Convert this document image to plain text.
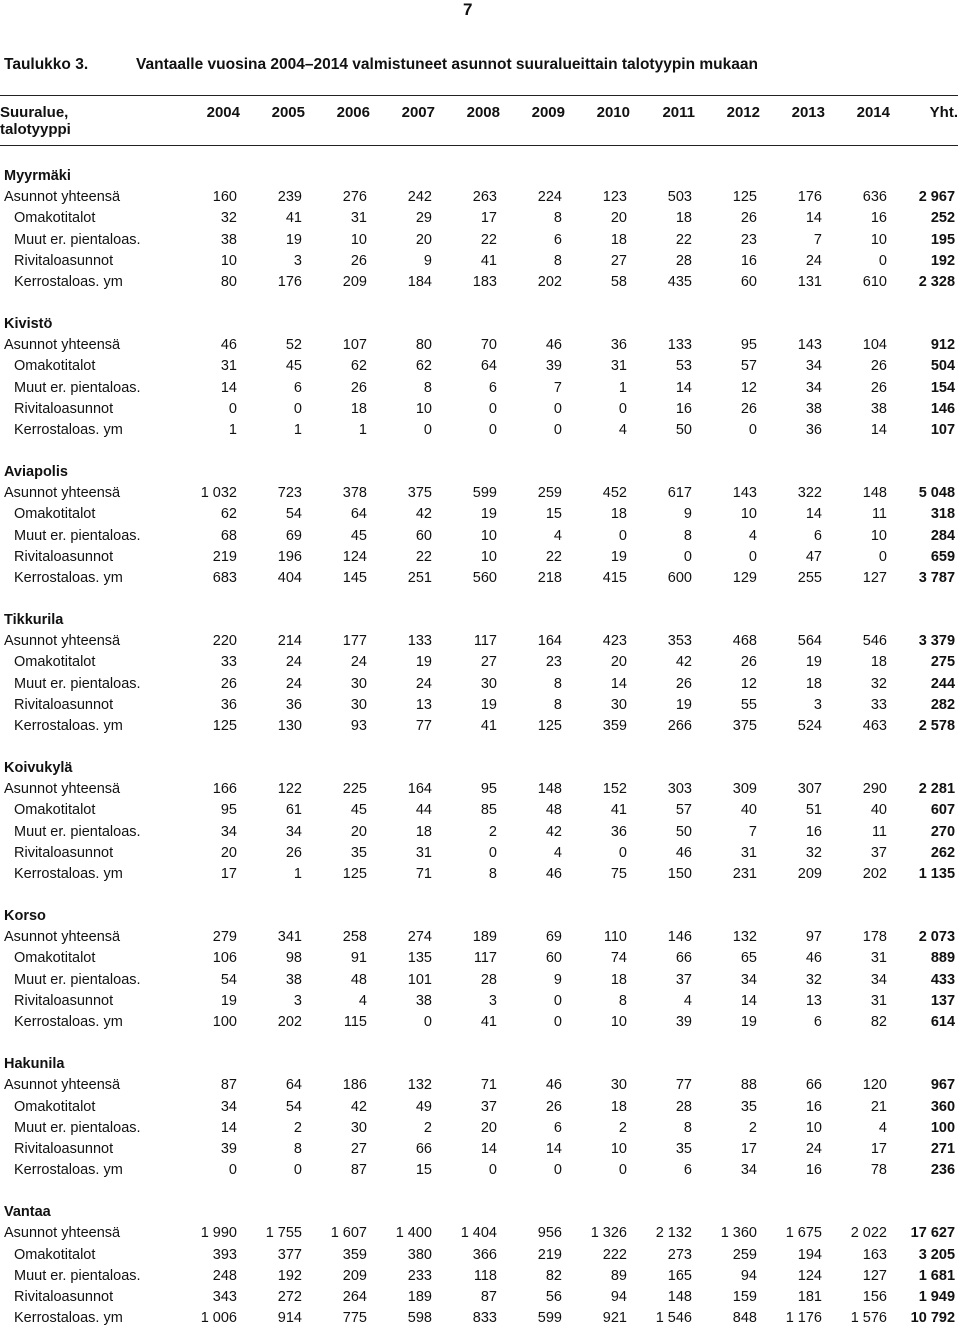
7
Taulukko 3.	Vantaalle vuosina 2004–2014 valmistuneet asunnot suuralueittain talotyypin mukaan
Suuralue,
talotyyppi
	2004	2005	2006	2007	2008	2009	2010	2011	2012	2013	2014	Yht.
Myyrmäki												
Asunnot yhteensä	160	239	276	242	263	224	123	503	125	176	636	2 967
Omakotitalot	32	41	31	29	17	8	20	18	26	14	16	252
Muut er. pientaloas.	38	19	10	20	22	6	18	22	23	7	10	195
Rivitaloasunnot	10	3	26	9	41	8	27	28	16	24	0	192
Kerrostaloas. ym	80	176	209	184	183	202	58	435	60	131	610	2 328

Kivistö												
Asunnot yhteensä	46	52	107	80	70	46	36	133	95	143	104	912
Omakotitalot	31	45	62	62	64	39	31	53	57	34	26	504
Muut er. pientaloas.	14	6	26	8	6	7	1	14	12	34	26	154
Rivitaloasunnot	0	0	18	10	0	0	0	16	26	38	38	146
Kerrostaloas. ym	1	1	1	0	0	0	4	50	0	36	14	107

Aviapolis												
Asunnot yhteensä	1 032	723	378	375	599	259	452	617	143	322	148	5 048
Omakotitalot	62	54	64	42	19	15	18	9	10	14	11	318
Muut er. pientaloas.	68	69	45	60	10	4	0	8	4	6	10	284
Rivitaloasunnot	219	196	124	22	10	22	19	0	0	47	0	659
Kerrostaloas. ym	683	404	145	251	560	218	415	600	129	255	127	3 787

Tikkurila												
Asunnot yhteensä	220	214	177	133	117	164	423	353	468	564	546	3 379
Omakotitalot	33	24	24	19	27	23	20	42	26	19	18	275
Muut er. pientaloas.	26	24	30	24	30	8	14	26	12	18	32	244
Rivitaloasunnot	36	36	30	13	19	8	30	19	55	3	33	282
Kerrostaloas. ym	125	130	93	77	41	125	359	266	375	524	463	2 578

Koivukylä												
Asunnot yhteensä	166	122	225	164	95	148	152	303	309	307	290	2 281
Omakotitalot	95	61	45	44	85	48	41	57	40	51	40	607
Muut er. pientaloas.	34	34	20	18	2	42	36	50	7	16	11	270
Rivitaloasunnot	20	26	35	31	0	4	0	46	31	32	37	262
Kerrostaloas. ym	17	1	125	71	8	46	75	150	231	209	202	1 135

Korso												
Asunnot yhteensä	279	341	258	274	189	69	110	146	132	97	178	2 073
Omakotitalot	106	98	91	135	117	60	74	66	65	46	31	889
Muut er. pientaloas.	54	38	48	101	28	9	18	37	34	32	34	433
Rivitaloasunnot	19	3	4	38	3	0	8	4	14	13	31	137
Kerrostaloas. ym	100	202	115	0	41	0	10	39	19	6	82	614

Hakunila												
Asunnot yhteensä	87	64	186	132	71	46	30	77	88	66	120	967
Omakotitalot	34	54	42	49	37	26	18	28	35	16	21	360
Muut er. pientaloas.	14	2	30	2	20	6	2	8	2	10	4	100
Rivitaloasunnot	39	8	27	66	14	14	10	35	17	24	17	271
Kerrostaloas. ym	0	0	87	15	0	0	0	6	34	16	78	236

Vantaa												
Asunnot yhteensä	1 990	1 755	1 607	1 400	1 404	956	1 326	2 132	1 360	1 675	2 022	17 627
Omakotitalot	393	377	359	380	366	219	222	273	259	194	163	3 205
Muut er. pientaloas.	248	192	209	233	118	82	89	165	94	124	127	1 681
Rivitaloasunnot	343	272	264	189	87	56	94	148	159	181	156	1 949
Kerrostaloas. ym	1 006	914	775	598	833	599	921	1 546	848	1 176	1 576	10 792
